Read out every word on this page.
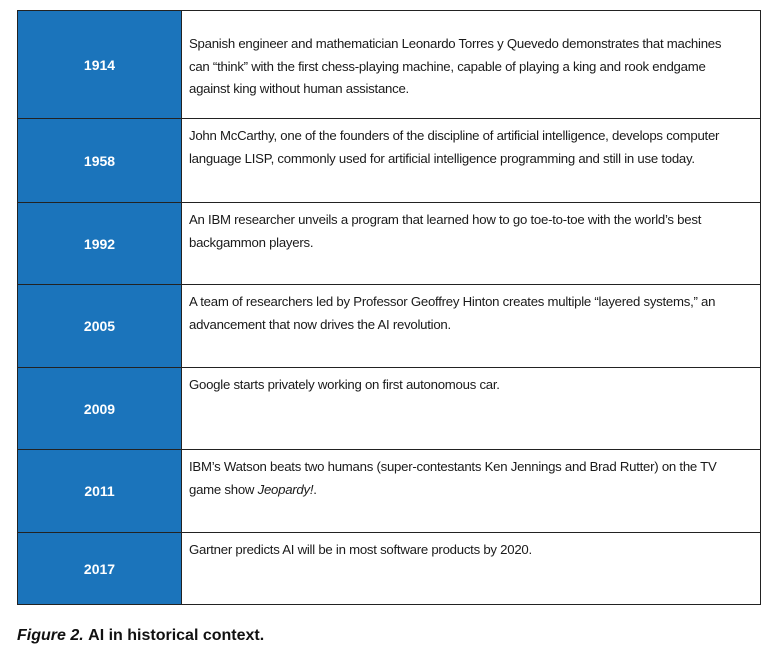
1914
Spanish engineer and mathematician Leonardo Torres y Quevedo demonstrates that machines can “think” with the first chess-playing machine, capable of playing a king and rook endgame against king without human assistance.
1958
John McCarthy, one of the founders of the discipline of artificial intelligence, develops computer language LISP, commonly used for artificial intelligence programming and still in use today.
1992
An IBM researcher unveils a program that learned how to go toe-to-toe with the world’s best backgammon players.
2005
A team of researchers led by Professor Geoffrey Hinton creates multiple “layered systems,” an advancement that now drives the AI revolution.
2009
Google starts privately working on first autonomous car.
2011
IBM’s Watson beats two humans (super-contestants Ken Jennings and Brad Rutter) on the TV game show Jeopardy!.
2017
Gartner predicts AI will be in most software products by 2020.
Figure 2. AI in historical context.
